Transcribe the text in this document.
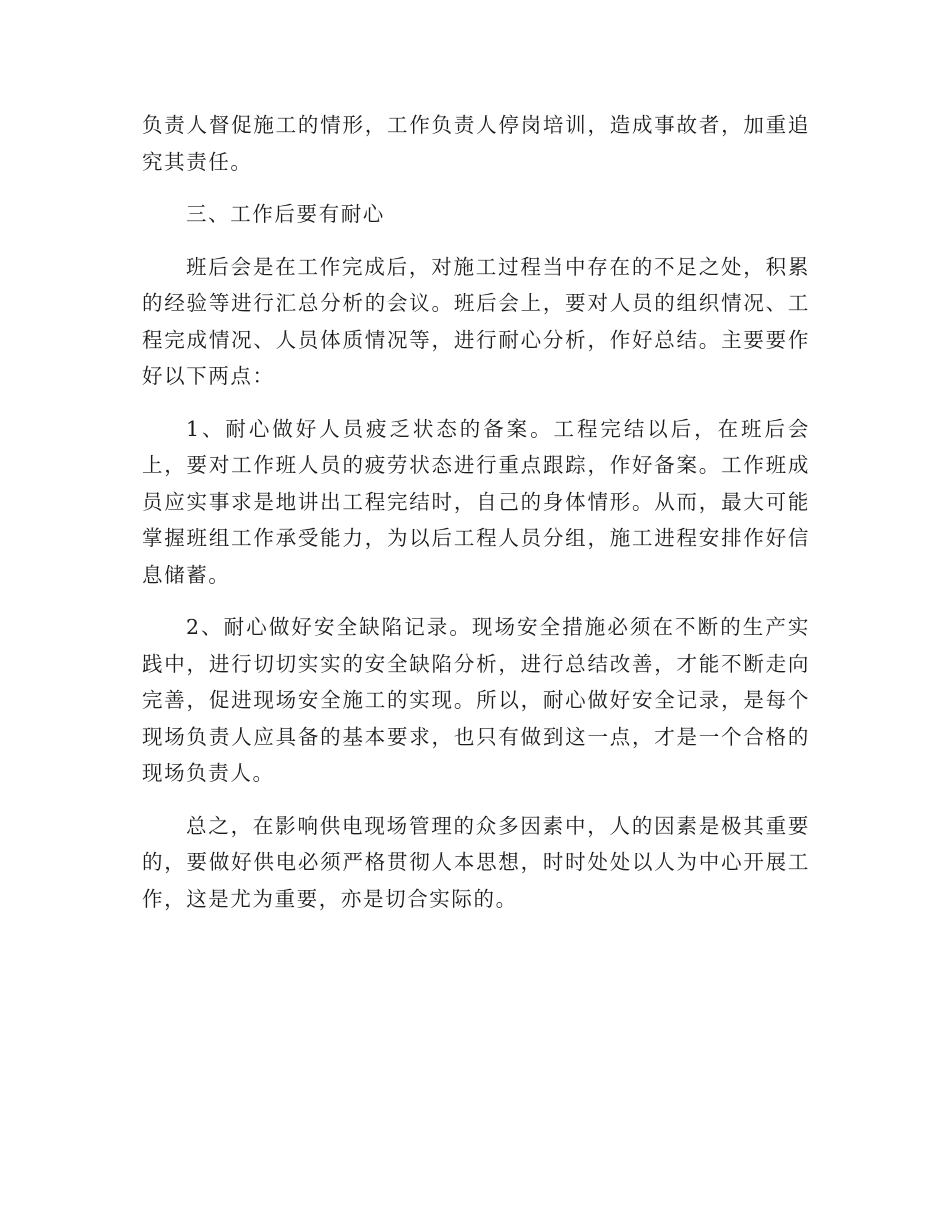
负责人督促施工的情形，工作负责人停岗培训，造成事故者，加重追究其责任。

三、工作后要有耐心

班后会是在工作完成后，对施工过程当中存在的不足之处，积累的经验等进行汇总分析的会议。班后会上，要对人员的组织情况、工程完成情况、人员体质情况等，进行耐心分析，作好总结。主要要作好以下两点：

1、耐心做好人员疲乏状态的备案。工程完结以后，在班后会上，要对工作班人员的疲劳状态进行重点跟踪，作好备案。工作班成员应实事求是地讲出工程完结时，自己的身体情形。从而，最大可能掌握班组工作承受能力，为以后工程人员分组，施工进程安排作好信息储蓄。

2、耐心做好安全缺陷记录。现场安全措施必须在不断的生产实践中，进行切切实实的安全缺陷分析，进行总结改善，才能不断走向完善，促进现场安全施工的实现。所以，耐心做好安全记录，是每个现场负责人应具备的基本要求，也只有做到这一点，才是一个合格的现场负责人。

总之，在影响供电现场管理的众多因素中，人的因素是极其重要的，要做好供电必须严格贯彻人本思想，时时处处以人为中心开展工作，这是尤为重要，亦是切合实际的。
